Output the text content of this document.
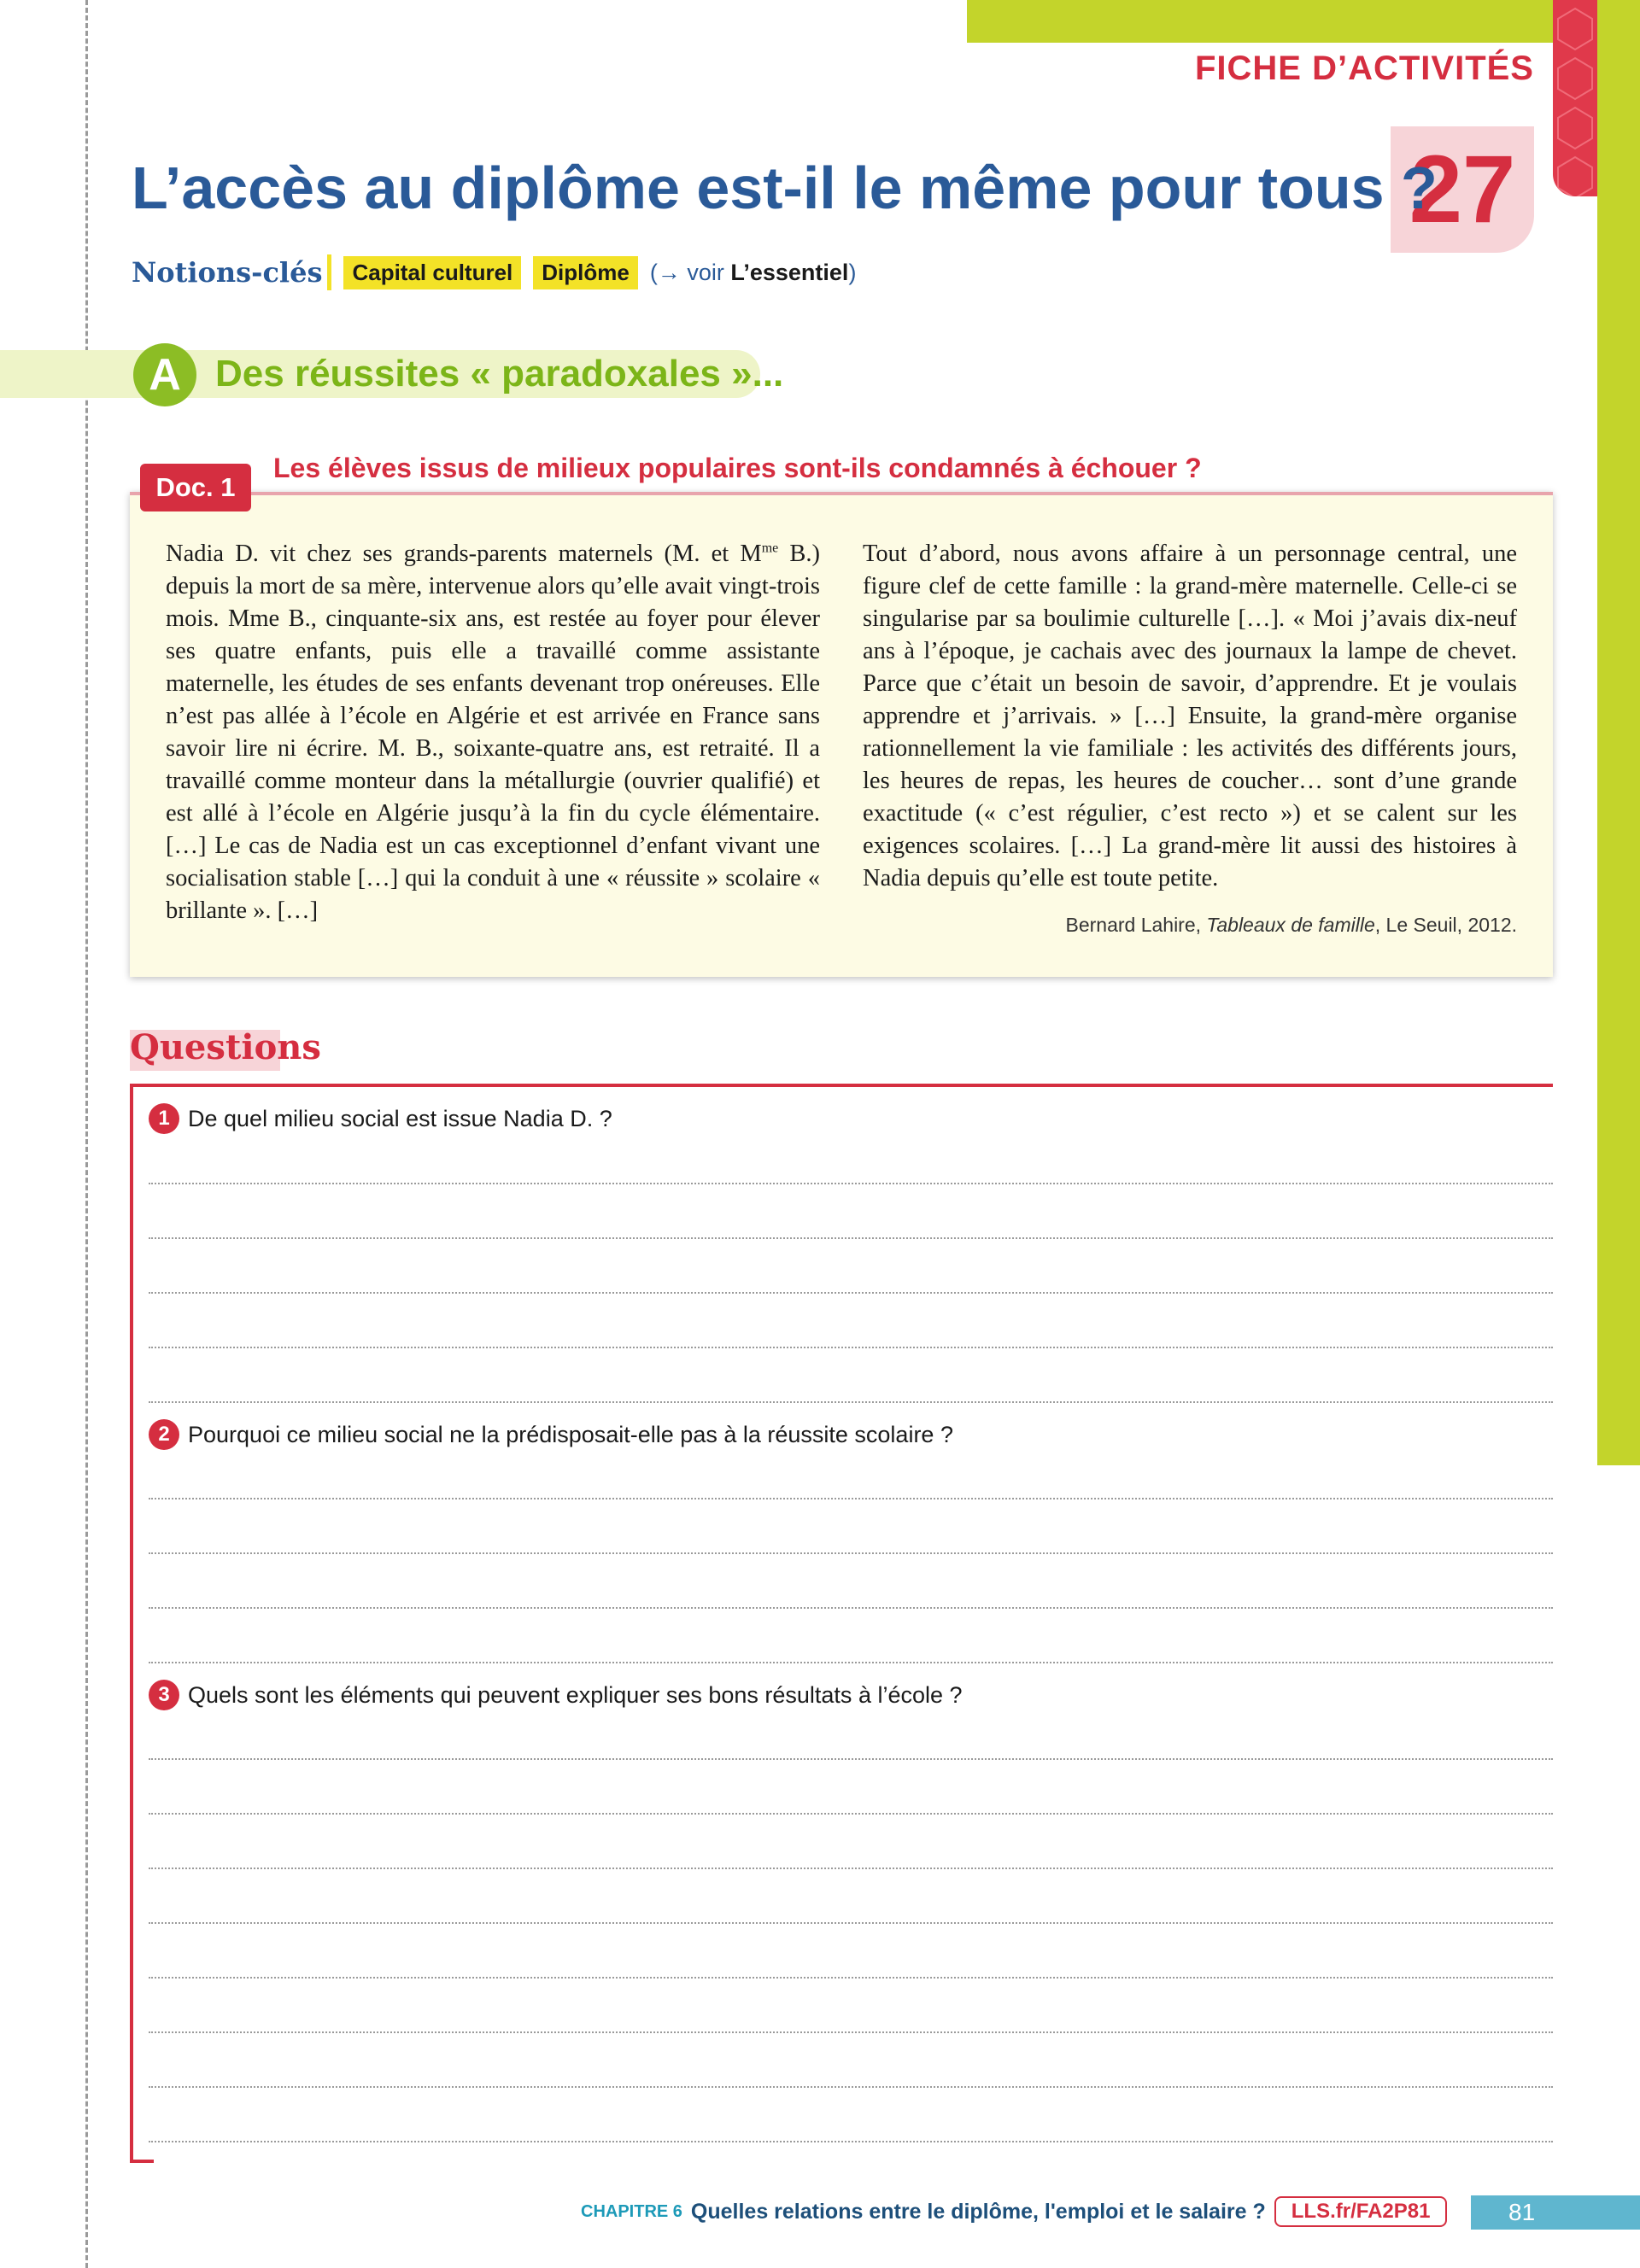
FICHE D’ACTIVITÉS
27
L’accès au diplôme est-il le même pour tous ?
Notions-clés	Capital culturel	Diplôme (→ voir L’essentiel)
A Des réussites « paradoxales »...
Doc. 1
Les élèves issus de milieux populaires sont-ils condamnés à échouer ?
Nadia D. vit chez ses grands-parents maternels (M. et $M^{me}$ B.) depuis la mort de sa mère, intervenue alors qu’elle avait vingt-trois mois. Mme B., cinquante-six ans, est restée au foyer pour élever ses quatre enfants, puis elle a travaillé comme assistante maternelle, les études de ses enfants devenant trop onéreuses. Elle n’est pas allée à l’école en Algérie et est arrivée en France sans savoir lire ni écrire. M. B., soixante-quatre ans, est retraité. Il a travaillé comme monteur dans la métallurgie (ouvrier qualifié) et est allé à l’école en Algérie jusqu’à la fin du cycle élémentaire. […] Le cas de Nadia est un cas exceptionnel d’enfant vivant une socialisation stable […] qui la conduit à une « réussite » scolaire « brillante ». […]
Tout d’abord, nous avons affaire à un personnage central, une figure clef de cette famille : la grand-mère maternelle. Celle-ci se singularise par sa boulimie culturelle […]. « Moi j’avais dix-neuf ans à l’époque, je cachais avec des journaux la lampe de chevet. Parce que c’était un besoin de savoir, d’apprendre. Et je voulais apprendre et j’arrivais. » […] Ensuite, la grand-mère organise rationnellement la vie familiale : les activités des différents jours, les heures de repas, les heures de coucher… sont d’une grande exactitude (« c’est régulier, c’est recto ») et se calent sur les exigences scolaires. […] La grand-mère lit aussi des histoires à Nadia depuis qu’elle est toute petite.
Bernard Lahire, Tableaux de famille, Le Seuil, 2012.
Questions
1 De quel milieu social est issue Nadia D. ?
2 Pourquoi ce milieu social ne la prédisposait-elle pas à la réussite scolaire ?
3 Quels sont les éléments qui peuvent expliquer ses bons résultats à l’école ?
CHAPITRE 6 Quelles relations entre le diplôme, l'emploi et le salaire ?	LLS.fr/FA2P81	81
